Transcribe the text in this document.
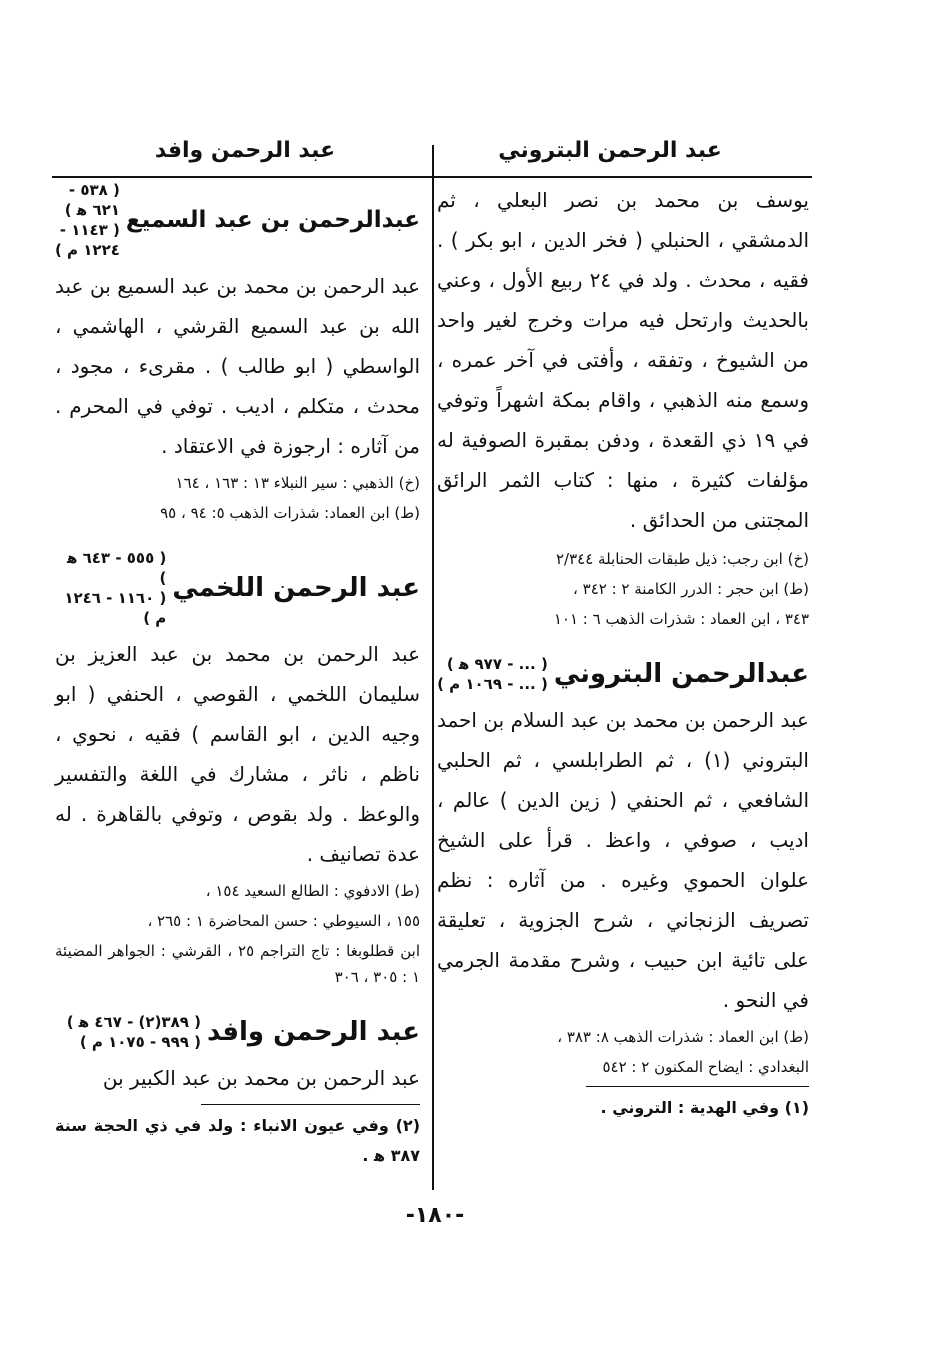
عبد الرحمن البتروني
عبد الرحمن وافد

يوسف بن محمد بن نصر البعلي ، ثم الدمشقي ، الحنبلي ( فخر الدين ، ابو بكر ) . فقيه ، محدث . ولد في ٢٤ ربيع الأول ، وعني بالحديث وارتحل فيه مرات وخرج لغير واحد من الشيوخ ، وتفقه ، وأفتى في آخر عمره ، وسمع منه الذهبي ، واقام بمكة اشهراً وتوفي في ١٩ ذي القعدة ، ودفن بمقبرة الصوفية له مؤلفات كثيرة ، منها : كتاب الثمر الرائق المجتنى من الحدائق .

(خ) ابن رجب: ذيل طبقات الحنابلة ٢/٣٤٤

(ط) ابن حجر : الدرر الكامنة ٢ : ٣٤٢ ،

٣٤٣ ، ابن العماد : شذرات الذهب ٦ : ١٠١

عبدالرحمن البتروني
( ... - ٩٧٧ ﻫ )
( ... - ١٠٦٩ م )

عبد الرحمن بن محمد بن عبد السلام بن احمد البتروني (١) ، ثم الطرابلسي ، ثم الحلبي الشافعي ، ثم الحنفي ( زين الدين ) عالم ، اديب ، صوفي ، واعظ . قرأ على الشيخ علوان الحموي وغيره . من آثاره : نظم تصريف الزنجاني ، شرح الجزوية ، تعليقة على تائية ابن حبيب ، وشرح مقدمة الجرمي في النحو .

(ط) ابن العماد : شذرات الذهب ٨: ٣٨٣ ،

البغدادي : ايضاح المكنون ٢ : ٥٤٢

(١) وفي الهدية : التروني .

عبدالرحمن بن عبد السميع
( ٥٣٨ - ٦٢١ ﻫ )
( ١١٤٣ - ١٢٢٤ م )

عبد الرحمن بن محمد بن عبد السميع بن عبد الله بن عبد السميع القرشي ، الهاشمي ، الواسطي ( ابو طالب ) . مقرىء ، مجود ، محدث ، متكلم ، اديب . توفي في المحرم . من آثاره : ارجوزة في الاعتقاد .

(خ) الذهبي : سير النبلاء ١٣ : ١٦٣ ، ١٦٤

(ط) ابن العماد: شذرات الذهب ٥: ٩٤ ، ٩٥

عبد الرحمن اللخمي
( ٥٥٥ - ٦٤٣ ﻫ )
( ١١٦٠ - ١٢٤٦ م )

عبد الرحمن بن محمد بن عبد العزيز بن سليمان اللخمي ، القوصي ، الحنفي ( ابو وجيه الدين ، ابو القاسم ) فقيه ، نحوي ، ناظم ، ناثر ، مشارك في اللغة والتفسير والوعظ . ولد بقوص ، وتوفي بالقاهرة . له عدة تصانيف .

(ط) الادفوي : الطالع السعيد ١٥٤ ،

١٥٥ ، السيوطي : حسن المحاضرة ١ : ٢٦٥ ،

ابن قطلوبغا : تاج التراجم ٢٥ ، القرشي : الجواهر المضيئة ١ : ٣٠٥ ، ٣٠٦

عبد الرحمن وافد
( ٣٨٩(٢) - ٤٦٧ ﻫ )
( ٩٩٩ - ١٠٧٥ م )

عبد الرحمن بن محمد بن عبد الكبير بن

(٢) وفي عيون الانباء : ولد في ذي الحجة سنة ٣٨٧ ﻫ .

-١٨٠-
